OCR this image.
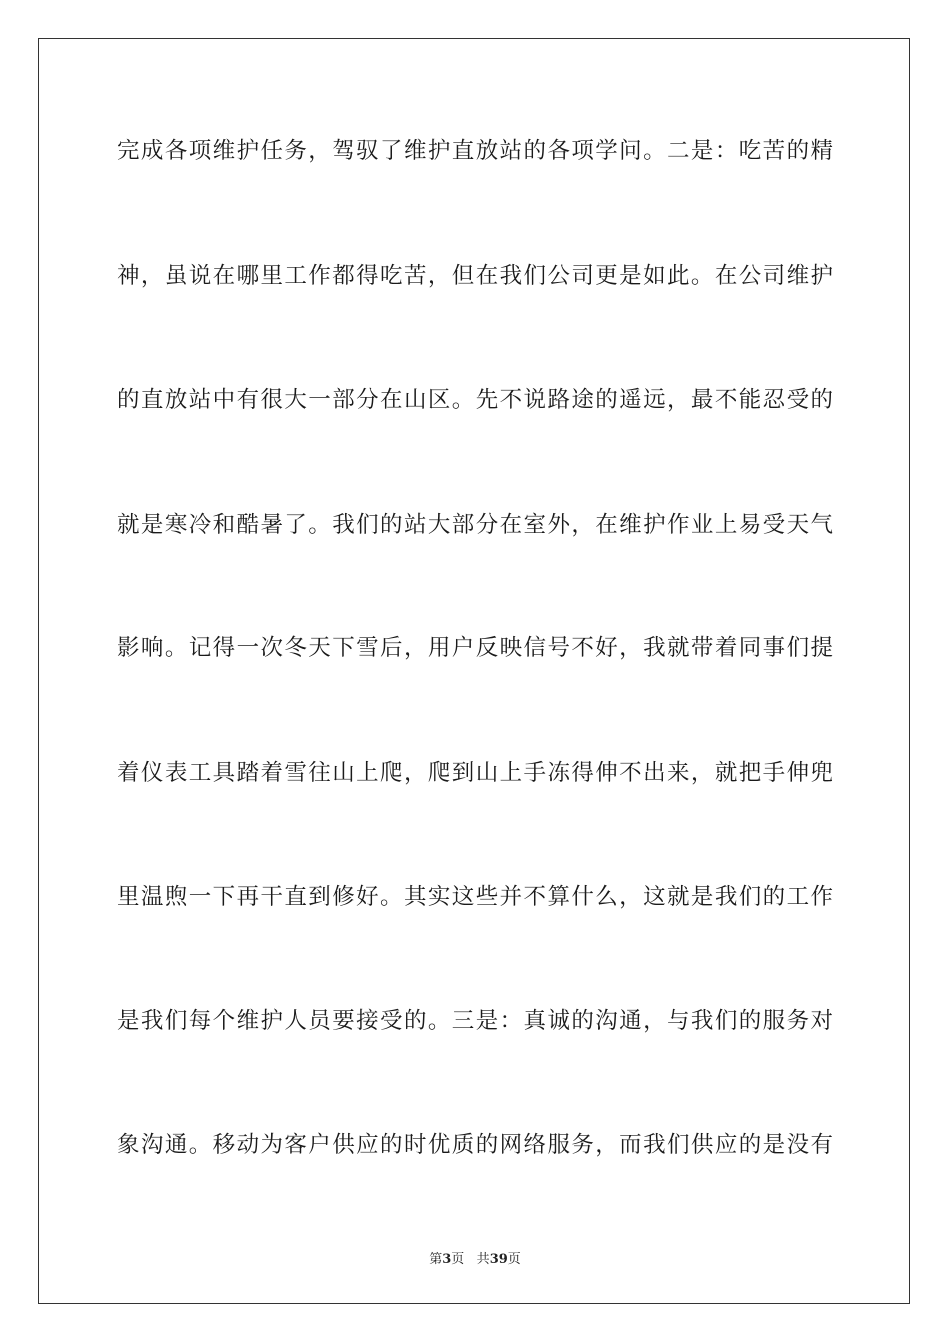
完成各项维护任务，驾驭了维护直放站的各项学问。二是：吃苦的精
神，虽说在哪里工作都得吃苦，但在我们公司更是如此。在公司维护
的直放站中有很大一部分在山区。先不说路途的遥远，最不能忍受的
就是寒冷和酷暑了。我们的站大部分在室外，在维护作业上易受天气
影响。记得一次冬天下雪后，用户反映信号不好，我就带着同事们提
着仪表工具踏着雪往山上爬，爬到山上手冻得伸不出来，就把手伸兜
里温煦一下再干直到修好。其实这些并不算什么，这就是我们的工作
是我们每个维护人员要接受的。三是：真诚的沟通，与我们的服务对
象沟通。移动为客户供应的时优质的网络服务，而我们供应的是没有
第3页 共39页
